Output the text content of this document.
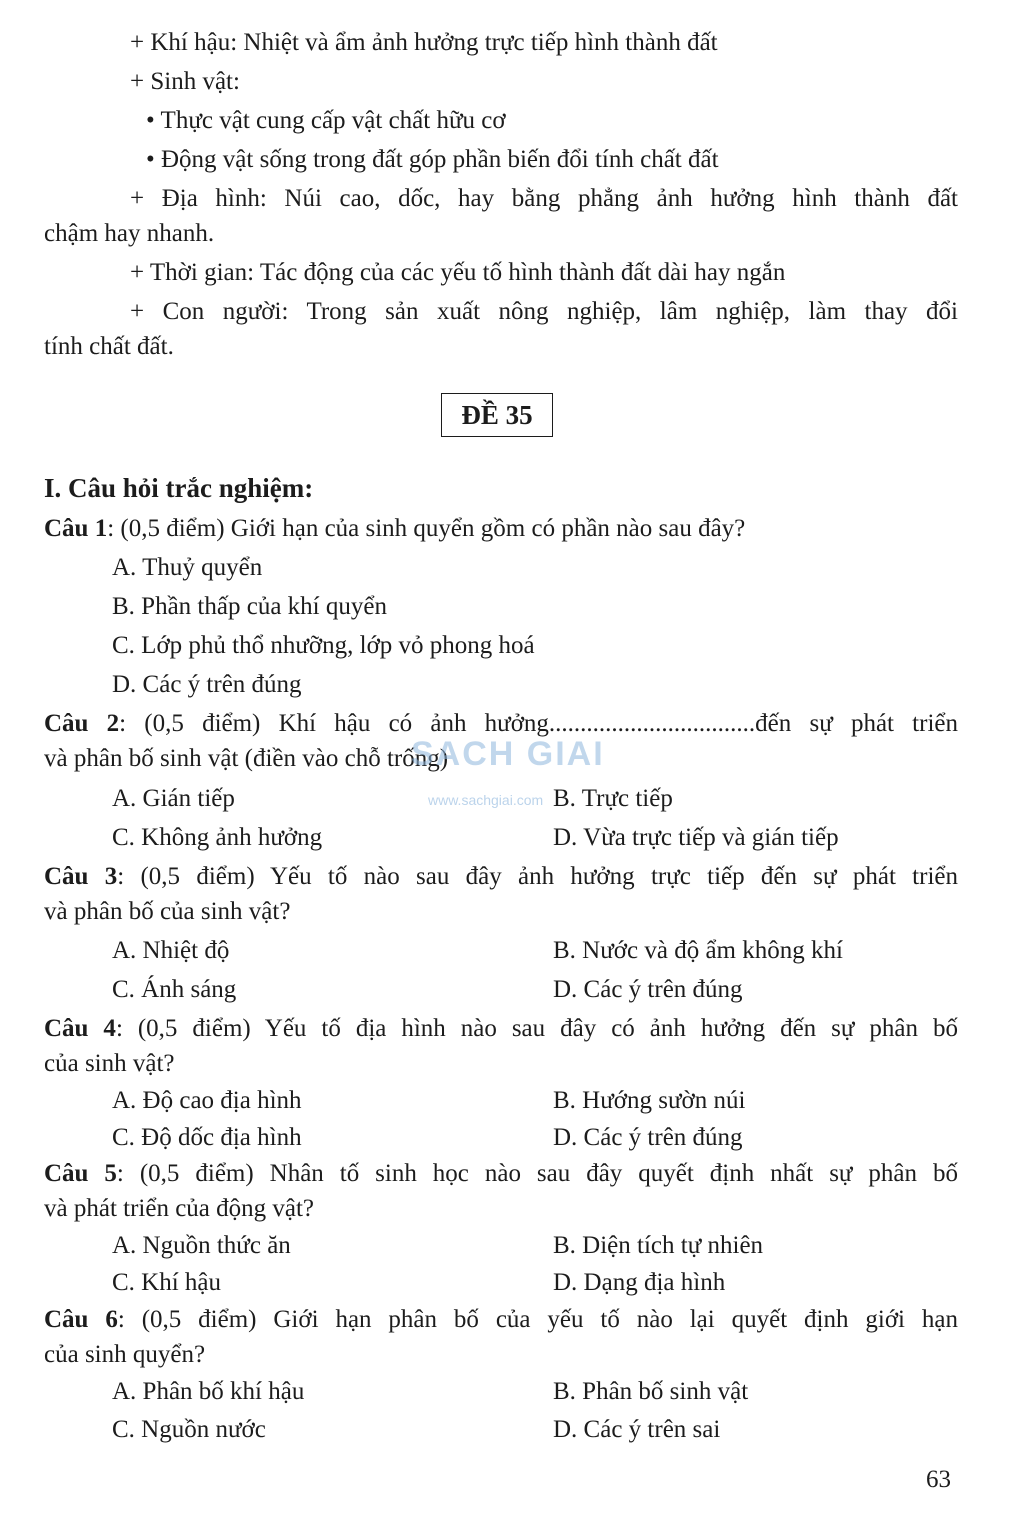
+ Khí hậu: Nhiệt và ẩm ảnh hưởng trực tiếp hình thành đất
+ Sinh vật:
• Thực vật cung cấp vật chất hữu cơ
• Động vật sống trong đất góp phần biến đổi tính chất đất
+ Địa hình: Núi cao, dốc, hay bằng phẳng ảnh hưởng hình thành đất
chậm hay nhanh.
+ Thời gian: Tác động của các yếu tố hình thành đất dài hay ngắn
+ Con người: Trong sản xuất nông nghiệp, lâm nghiệp, làm thay đổi
tính chất đất.
ĐỀ 35
I. Câu hỏi trắc nghiệm:
Câu 1: (0,5 điểm) Giới hạn của sinh quyển gồm có phần nào sau đây?
A. Thuỷ quyển
B. Phần thấp của khí quyển
C. Lớp phủ thổ nhưỡng, lớp vỏ phong hoá
D. Các ý trên đúng
Câu 2: (0,5 điểm) Khí hậu có ảnh hưởng.................................đến sự phát triển
và phân bố sinh vật (điền vào chỗ trống)
A. Gián tiếp	B. Trực tiếp
C. Không ảnh hưởng	D. Vừa trực tiếp và gián tiếp
Câu 3: (0,5 điểm) Yếu tố nào sau đây ảnh hưởng trực tiếp đến sự phát triển
và phân bố của sinh vật?
A. Nhiệt độ	B. Nước và độ ẩm không khí
C. Ánh sáng	D. Các ý trên đúng
Câu 4: (0,5 điểm) Yếu tố địa hình nào sau đây có ảnh hưởng đến sự phân bố
của sinh vật?
A. Độ cao địa hình	B. Hướng sườn núi
C. Độ dốc địa hình	D. Các ý trên đúng
Câu 5: (0,5 điểm) Nhân tố sinh học nào sau đây quyết định nhất sự phân bố
và phát triển của động vật?
A. Nguồn thức ăn	B. Diện tích tự nhiên
C. Khí hậu	D. Dạng địa hình
Câu 6: (0,5 điểm) Giới hạn phân bố của yếu tố nào lại quyết định giới hạn
của sinh quyển?
A. Phân bố khí hậu	B. Phân bố sinh vật
C. Nguồn nước	D. Các ý trên sai
SACH GIAI
www.sachgiai.com
63
